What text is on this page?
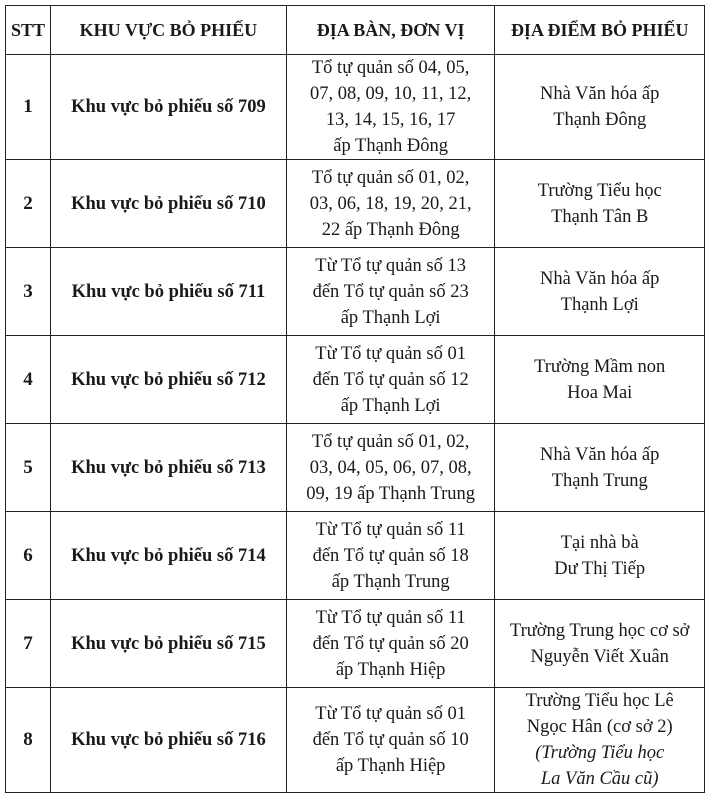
STT	KHU VỰC BỎ PHIẾU	ĐỊA BÀN, ĐƠN VỊ	ĐỊA ĐIỂM BỎ PHIẾU
1	Khu vực bỏ phiếu số 709	Tổ tự quản số 04, 05,
07, 08, 09, 10, 11, 12,
13, 14, 15, 16, 17
ấp Thạnh Đông	Nhà Văn hóa ấp
Thạnh Đông

2	Khu vực bỏ phiếu số 710	Tổ tự quản số 01, 02,
03, 06, 18, 19, 20, 21,
22 ấp Thạnh Đông	Trường Tiểu học
Thạnh Tân B

3	Khu vực bỏ phiếu số 711	Từ Tổ tự quản số 13
đến Tổ tự quản số 23
ấp Thạnh Lợi	Nhà Văn hóa ấp
Thạnh Lợi

4	Khu vực bỏ phiếu số 712	Từ Tổ tự quản số 01
đến Tổ tự quản số 12
ấp Thạnh Lợi	Trường Mầm non
Hoa Mai

5	Khu vực bỏ phiếu số 713	Tổ tự quản số 01, 02,
03, 04, 05, 06, 07, 08,
09, 19 ấp Thạnh Trung	Nhà Văn hóa ấp
Thạnh Trung

6	Khu vực bỏ phiếu số 714	Từ Tổ tự quản số 11
đến Tổ tự quản số 18
ấp Thạnh Trung	Tại nhà bà
Dư Thị Tiếp

7	Khu vực bỏ phiếu số 715	Từ Tổ tự quản số 11
đến Tổ tự quản số 20
ấp Thạnh Hiệp	Trường Trung học cơ sở
Nguyễn Viết Xuân

8	Khu vực bỏ phiếu số 716	Từ Tổ tự quản số 01
đến Tổ tự quản số 10
ấp Thạnh Hiệp	Trường Tiểu học Lê
Ngọc Hân (cơ sở 2)
(Trường Tiểu học
La Văn Cầu cũ)
